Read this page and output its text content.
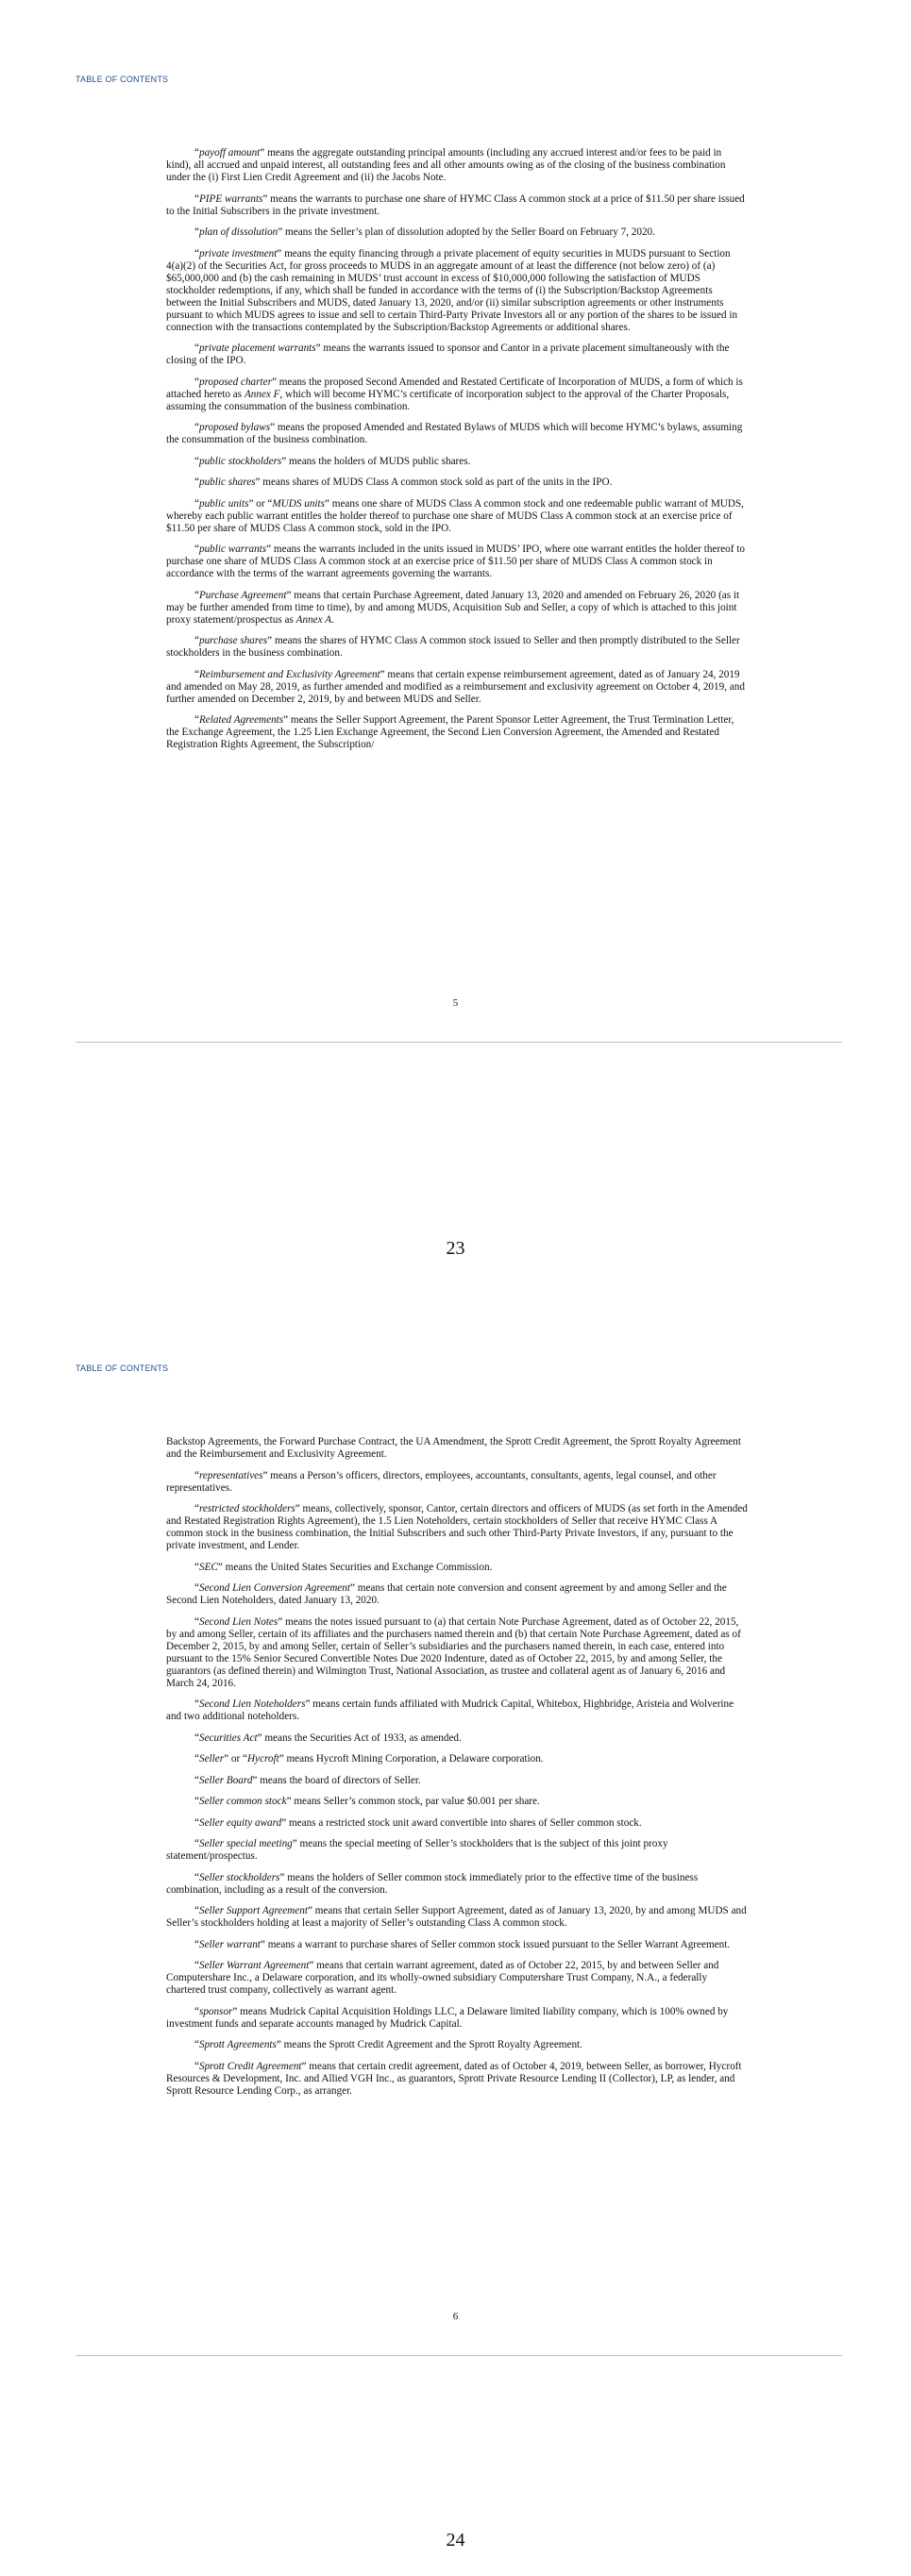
TABLE OF CONTENTS

“payoff amount” means the aggregate outstanding principal amounts (including any accrued interest and/or fees to be paid in kind), all accrued and unpaid interest, all outstanding fees and all other amounts owing as of the closing of the business combination under the (i) First Lien Credit Agreement and (ii) the Jacobs Note.

“PIPE warrants” means the warrants to purchase one share of HYMC Class A common stock at a price of $11.50 per share issued to the Initial Subscribers in the private investment.

“plan of dissolution” means the Seller’s plan of dissolution adopted by the Seller Board on February 7, 2020.

“private investment” means the equity financing through a private placement of equity securities in MUDS pursuant to Section 4(a)(2) of the Securities Act, for gross proceeds to MUDS in an aggregate amount of at least the difference (not below zero) of (a) $65,000,000 and (b) the cash remaining in MUDS’ trust account in excess of $10,000,000 following the satisfaction of MUDS stockholder redemptions, if any, which shall be funded in accordance with the terms of (i) the Subscription/Backstop Agreements between the Initial Subscribers and MUDS, dated January 13, 2020, and/or (ii) similar subscription agreements or other instruments pursuant to which MUDS agrees to issue and sell to certain Third-Party Private Investors all or any portion of the shares to be issued in connection with the transactions contemplated by the Subscription/Backstop Agreements or additional shares.

“private placement warrants” means the warrants issued to sponsor and Cantor in a private placement simultaneously with the closing of the IPO.

“proposed charter” means the proposed Second Amended and Restated Certificate of Incorporation of MUDS, a form of which is attached hereto as Annex F, which will become HYMC’s certificate of incorporation subject to the approval of the Charter Proposals, assuming the consummation of the business combination.

“proposed bylaws” means the proposed Amended and Restated Bylaws of MUDS which will become HYMC’s bylaws, assuming the consummation of the business combination.

“public stockholders” means the holders of MUDS public shares.

“public shares” means shares of MUDS Class A common stock sold as part of the units in the IPO.

“public units” or “MUDS units” means one share of MUDS Class A common stock and one redeemable public warrant of MUDS, whereby each public warrant entitles the holder thereof to purchase one share of MUDS Class A common stock at an exercise price of $11.50 per share of MUDS Class A common stock, sold in the IPO.

“public warrants” means the warrants included in the units issued in MUDS’ IPO, where one warrant entitles the holder thereof to purchase one share of MUDS Class A common stock at an exercise price of $11.50 per share of MUDS Class A common stock in accordance with the terms of the warrant agreements governing the warrants.

“Purchase Agreement” means that certain Purchase Agreement, dated January 13, 2020 and amended on February 26, 2020 (as it may be further amended from time to time), by and among MUDS, Acquisition Sub and Seller, a copy of which is attached to this joint proxy statement/prospectus as Annex A.

“purchase shares” means the shares of HYMC Class A common stock issued to Seller and then promptly distributed to the Seller stockholders in the business combination.

“Reimbursement and Exclusivity Agreement” means that certain expense reimbursement agreement, dated as of January 24, 2019 and amended on May 28, 2019, as further amended and modified as a reimbursement and exclusivity agreement on October 4, 2019, and further amended on December 2, 2019, by and between MUDS and Seller.

“Related Agreements” means the Seller Support Agreement, the Parent Sponsor Letter Agreement, the Trust Termination Letter, the Exchange Agreement, the 1.25 Lien Exchange Agreement, the Second Lien Conversion Agreement, the Amended and Restated Registration Rights Agreement, the Subscription/

5
23
TABLE OF CONTENTS

Backstop Agreements, the Forward Purchase Contract, the UA Amendment, the Sprott Credit Agreement, the Sprott Royalty Agreement and the Reimbursement and Exclusivity Agreement.

“representatives” means a Person’s officers, directors, employees, accountants, consultants, agents, legal counsel, and other representatives.

“restricted stockholders” means, collectively, sponsor, Cantor, certain directors and officers of MUDS (as set forth in the Amended and Restated Registration Rights Agreement), the 1.5 Lien Noteholders, certain stockholders of Seller that receive HYMC Class A common stock in the business combination, the Initial Subscribers and such other Third-Party Private Investors, if any, pursuant to the private investment, and Lender.

“SEC” means the United States Securities and Exchange Commission.

“Second Lien Conversion Agreement” means that certain note conversion and consent agreement by and among Seller and the Second Lien Noteholders, dated January 13, 2020.

“Second Lien Notes” means the notes issued pursuant to (a) that certain Note Purchase Agreement, dated as of October 22, 2015, by and among Seller, certain of its affiliates and the purchasers named therein and (b) that certain Note Purchase Agreement, dated as of December 2, 2015, by and among Seller, certain of Seller’s subsidiaries and the purchasers named therein, in each case, entered into pursuant to the 15% Senior Secured Convertible Notes Due 2020 Indenture, dated as of October 22, 2015, by and among Seller, the guarantors (as defined therein) and Wilmington Trust, National Association, as trustee and collateral agent as of January 6, 2016 and March 24, 2016.

“Second Lien Noteholders” means certain funds affiliated with Mudrick Capital, Whitebox, Highbridge, Aristeia and Wolverine and two additional noteholders.

“Securities Act” means the Securities Act of 1933, as amended.

“Seller” or “Hycroft” means Hycroft Mining Corporation, a Delaware corporation.

“Seller Board” means the board of directors of Seller.

“Seller common stock” means Seller’s common stock, par value $0.001 per share.

“Seller equity award” means a restricted stock unit award convertible into shares of Seller common stock.

“Seller special meeting” means the special meeting of Seller’s stockholders that is the subject of this joint proxy statement/prospectus.

“Seller stockholders” means the holders of Seller common stock immediately prior to the effective time of the business combination, including as a result of the conversion.

“Seller Support Agreement” means that certain Seller Support Agreement, dated as of January 13, 2020, by and among MUDS and Seller’s stockholders holding at least a majority of Seller’s outstanding Class A common stock.

“Seller warrant” means a warrant to purchase shares of Seller common stock issued pursuant to the Seller Warrant Agreement.

“Seller Warrant Agreement” means that certain warrant agreement, dated as of October 22, 2015, by and between Seller and Computershare Inc., a Delaware corporation, and its wholly-owned subsidiary Computershare Trust Company, N.A., a federally chartered trust company, collectively as warrant agent.

“sponsor” means Mudrick Capital Acquisition Holdings LLC, a Delaware limited liability company, which is 100% owned by investment funds and separate accounts managed by Mudrick Capital.

“Sprott Agreements” means the Sprott Credit Agreement and the Sprott Royalty Agreement.

“Sprott Credit Agreement” means that certain credit agreement, dated as of October 4, 2019, between Seller, as borrower, Hycroft Resources & Development, Inc. and Allied VGH Inc., as guarantors, Sprott Private Resource Lending II (Collector), LP, as lender, and Sprott Resource Lending Corp., as arranger.

6
24
